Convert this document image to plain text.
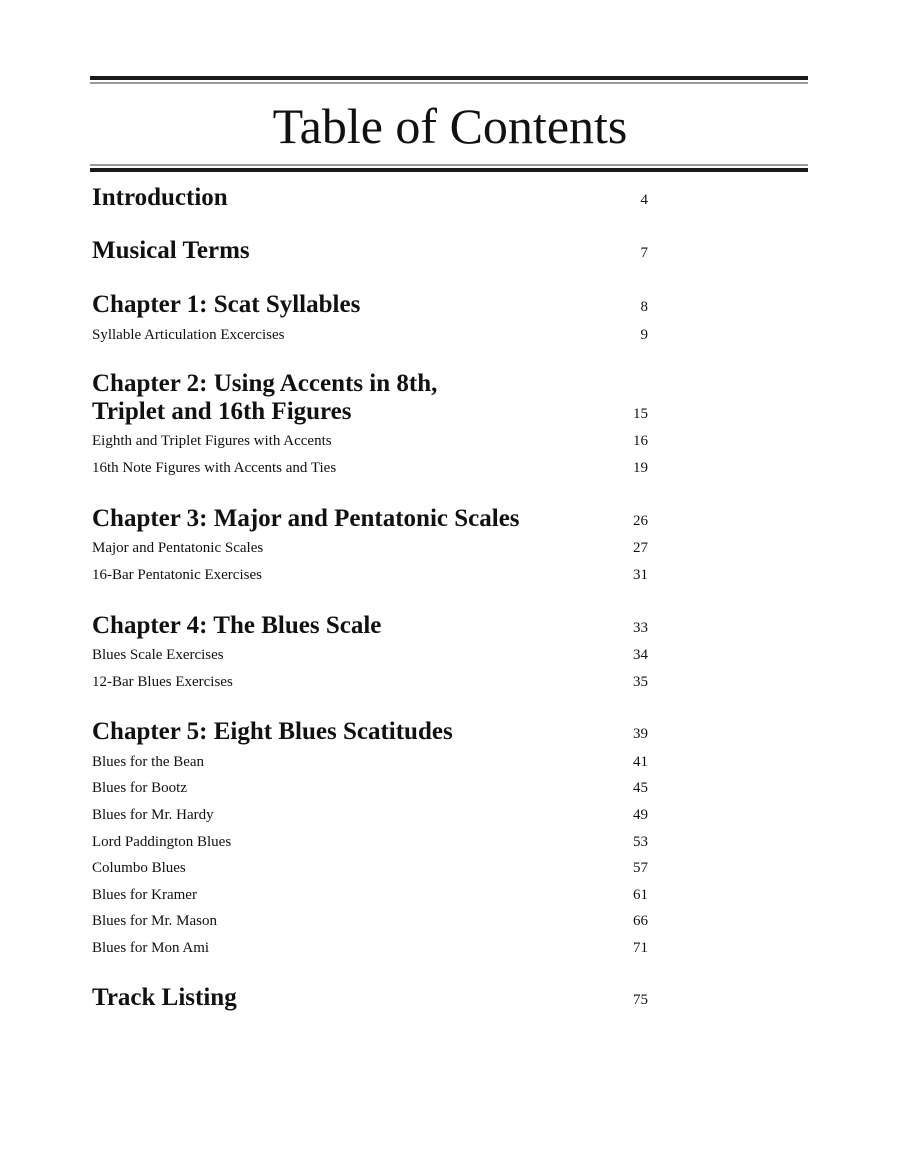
Table of Contents
Introduction	4
Musical Terms	7
Chapter 1: Scat Syllables	8
Syllable Articulation Excercises	9
Chapter 2: Using Accents in 8th,
Triplet and 16th Figures	15
Eighth and Triplet Figures with Accents	16
16th Note Figures with Accents and Ties	19
Chapter 3: Major and Pentatonic Scales	26
Major and Pentatonic Scales	27
16-Bar Pentatonic Exercises	31
Chapter 4: The Blues Scale	33
Blues Scale Exercises	34
12-Bar Blues Exercises	35
Chapter 5: Eight Blues Scatitudes	39
Blues for the Bean	41
Blues for Bootz	45
Blues for Mr. Hardy	49
Lord Paddington Blues	53
Columbo Blues	57
Blues for Kramer	61
Blues for Mr. Mason	66
Blues for Mon Ami	71
Track Listing	75
